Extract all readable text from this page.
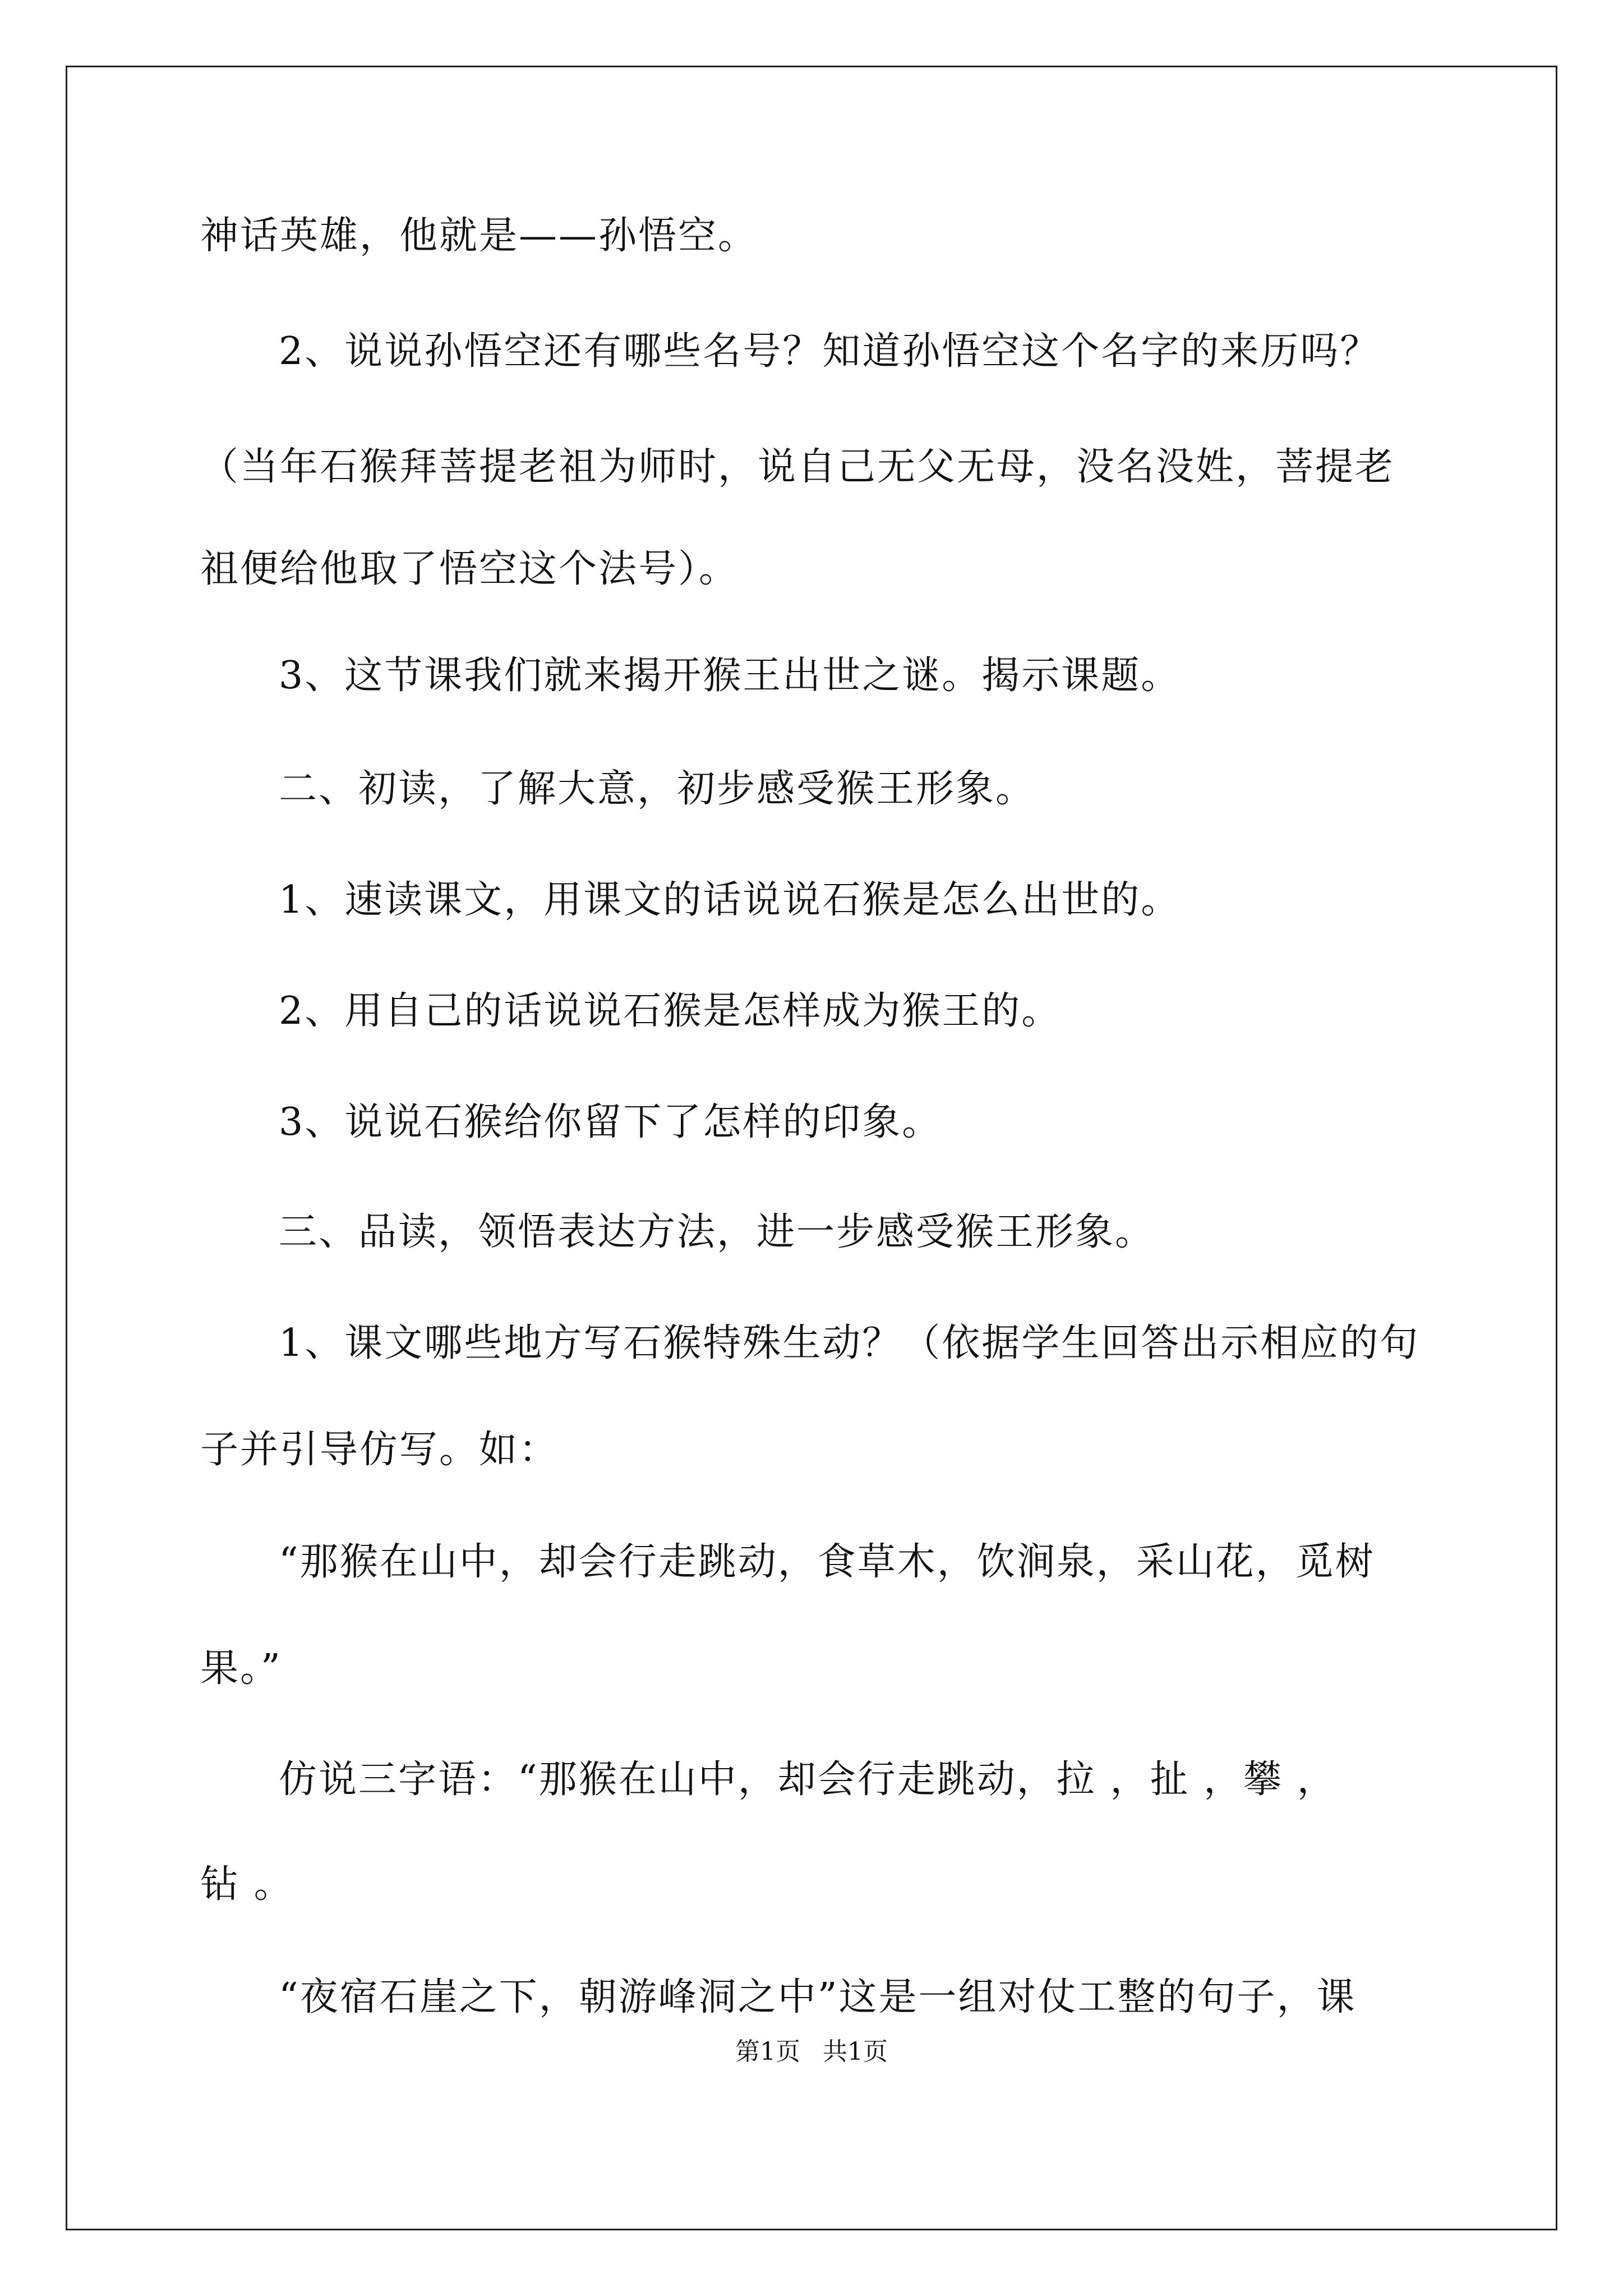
神话英雄，他就是——孙悟空。

2、说说孙悟空还有哪些名号？知道孙悟空这个名字的来历吗？

（当年石猴拜菩提老祖为师时，说自己无父无母，没名没姓，菩提老

祖便给他取了悟空这个法号）。

3、这节课我们就来揭开猴王出世之谜。揭示课题。

二、初读，了解大意，初步感受猴王形象。

1、速读课文，用课文的话说说石猴是怎么出世的。

2、用自己的话说说石猴是怎样成为猴王的。

3、说说石猴给你留下了怎样的印象。

三、品读，领悟表达方法，进一步感受猴王形象。

1、课文哪些地方写石猴特殊生动？（依据学生回答出示相应的句

子并引导仿写。如：

“那猴在山中，却会行走跳动，食草木，饮涧泉，采山花，觅树

果。”

仿说三字语：“那猴在山中，却会行走跳动，拉 ，扯 ，攀 ，

钻 。

“夜宿石崖之下，朝游峰洞之中”这是一组对仗工整的句子，课

第1页 共1页
